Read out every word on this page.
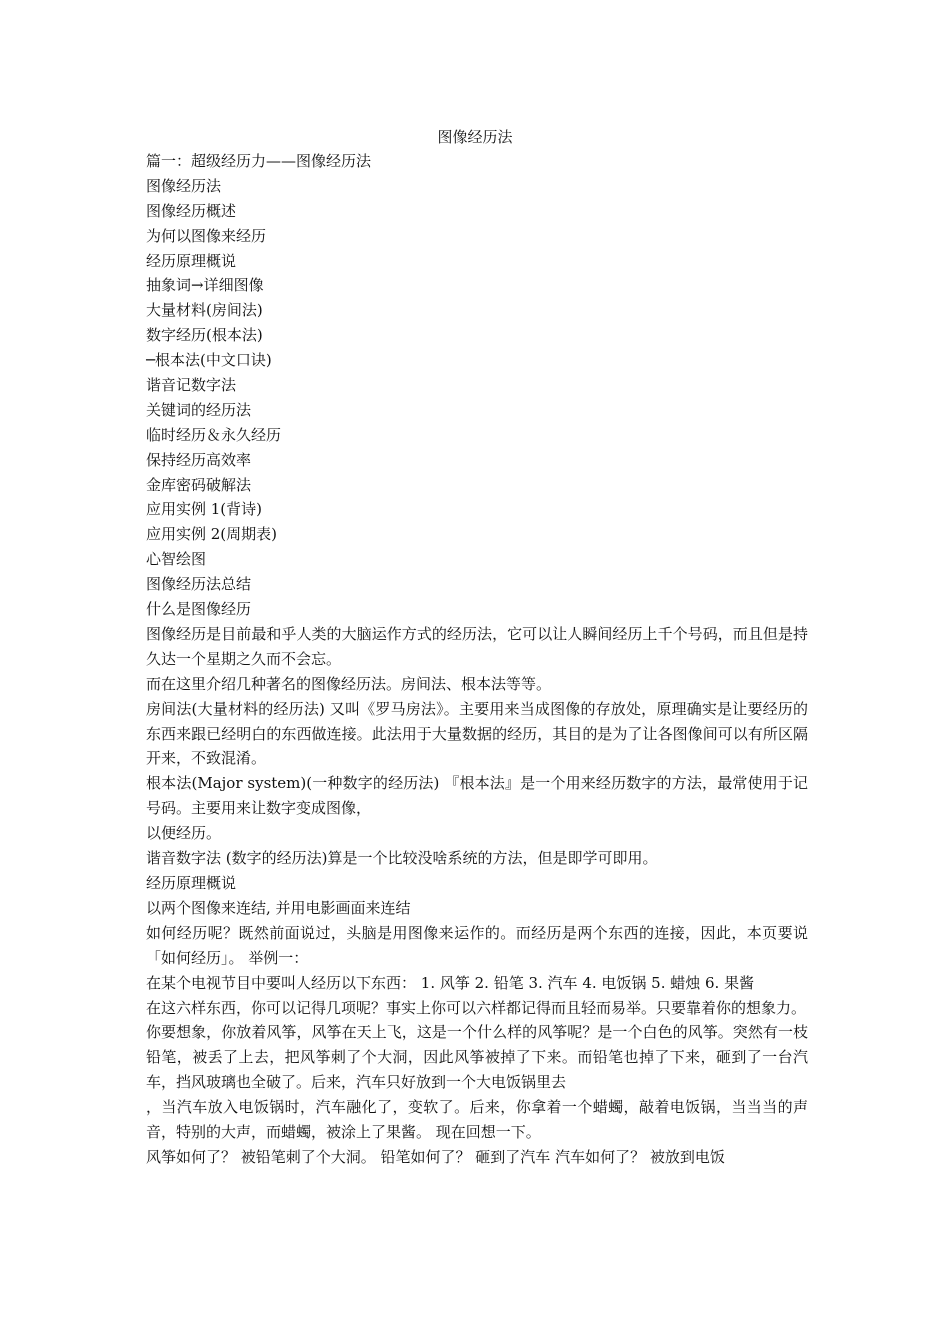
图像经历法
篇一：超级经历力——图像经历法
图像经历法
图像经历概述
为何以图像来经历
经历原理概说
抽象词→详细图像
大量材料(房间法)
数字经历(根本法)
─根本法(中文口诀)
谐音记数字法
关键词的经历法
临时经历＆永久经历
保持经历高效率
金库密码破解法
应用实例 1(背诗)
应用实例 2(周期表)
心智绘图
图像经历法总结
什么是图像经历
图像经历是目前最和乎人类的大脑运作方式的经历法，它可以让人瞬间经历上千个号码，而且但是持久达一个星期之久而不会忘。
而在这里介绍几种著名的图像经历法。房间法、根本法等等。
房间法(大量材料的经历法) 又叫《罗马房法》。主要用来当成图像的存放处，原理确实是让要经历的东西来跟已经明白的东西做连接。此法用于大量数据的经历，其目的是为了让各图像间可以有所区隔开来，不致混淆。
根本法(Major system)(一种数字的经历法) 『根本法』是一个用来经历数字的方法，最常使用于记号码。主要用来让数字变成图像，
以便经历。
谐音数字法 (数字的经历法)算是一个比较没啥系统的方法，但是即学可即用。
经历原理概说
以两个图像来连结, 并用电影画面来连结
如何经历呢？既然前面说过，头脑是用图像来运作的。而经历是两个东西的连接，因此，本页要说「如何经历」。 举例一：
在某个电视节目中要叫人经历以下东西： 1. 风筝 2. 铅笔 3. 汽车 4. 电饭锅 5. 蜡烛 6. 果酱
在这六样东西，你可以记得几项呢？事实上你可以六样都记得而且轻而易举。只要靠着你的想象力。
你要想象，你放着风筝，风筝在天上飞，这是一个什么样的风筝呢？是一个白色的风筝。突然有一枝铅笔，被丢了上去，把风筝刺了个大洞，因此风筝被掉了下来。而铅笔也掉了下来，砸到了一台汽车，挡风玻璃也全破了。后来，汽车只好放到一个大电饭锅里去
，当汽车放入电饭锅时，汽车融化了，变软了。后来，你拿着一个蜡蠋，敲着电饭锅，当当当的声音，特别的大声，而蜡蠋，被涂上了果酱。 现在回想一下。
风筝如何了？ 被铅笔刺了个大洞。 铅笔如何了？ 砸到了汽车 汽车如何了？ 被放到电饭
